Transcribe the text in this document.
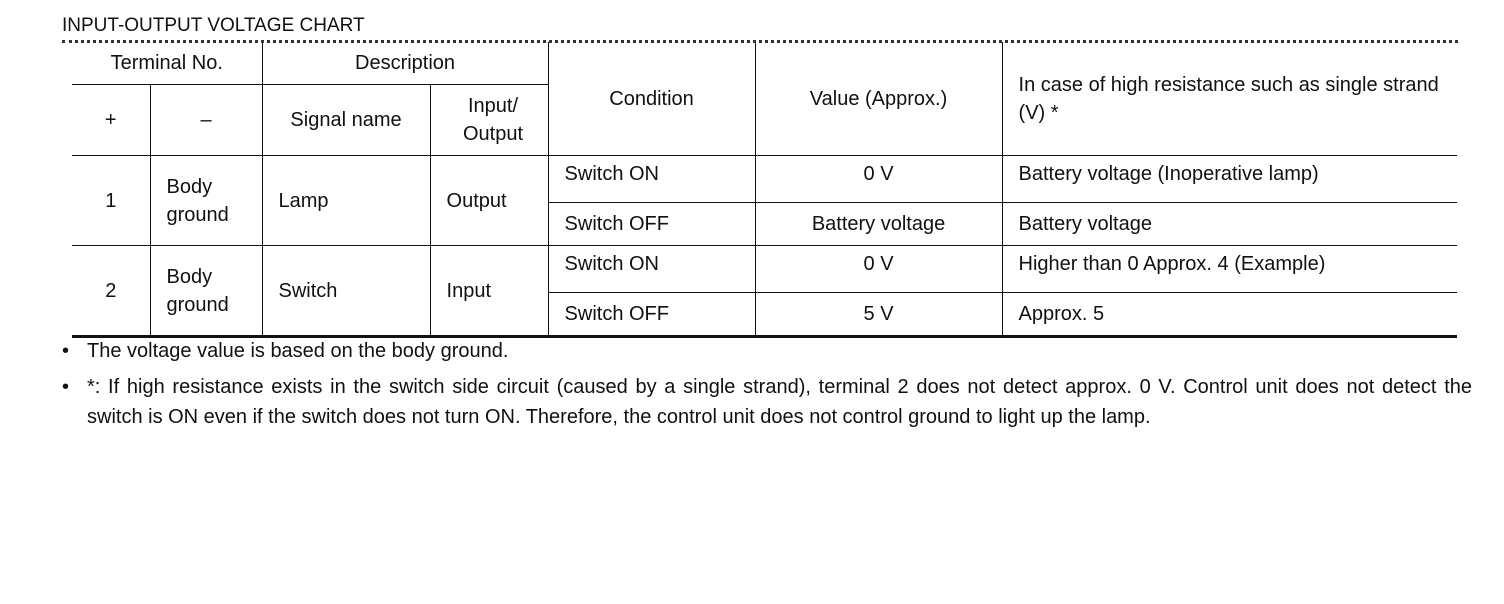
INPUT-OUTPUT VOLTAGE CHART
Terminal No.		Description		Condition	Value (Approx.)	In case of high resistance such as single strand (V) *
+	–	Signal name	Input/ Output			
1	Body ground	Lamp	Output	Switch ON	0 V	Battery voltage (Inoperative lamp)
				Switch OFF	Battery voltage	Battery voltage
2	Body ground	Switch	Input	Switch ON	0 V	Higher than 0 Approx. 4 (Example)
				Switch OFF	5 V	Approx. 5
• The voltage value is based on the body ground.
• *: If high resistance exists in the switch side circuit (caused by a single strand), terminal 2 does not detect approx. 0 V. Control unit does not detect the switch is ON even if the switch does not turn ON. Therefore, the control unit does not control ground to light up the lamp.
